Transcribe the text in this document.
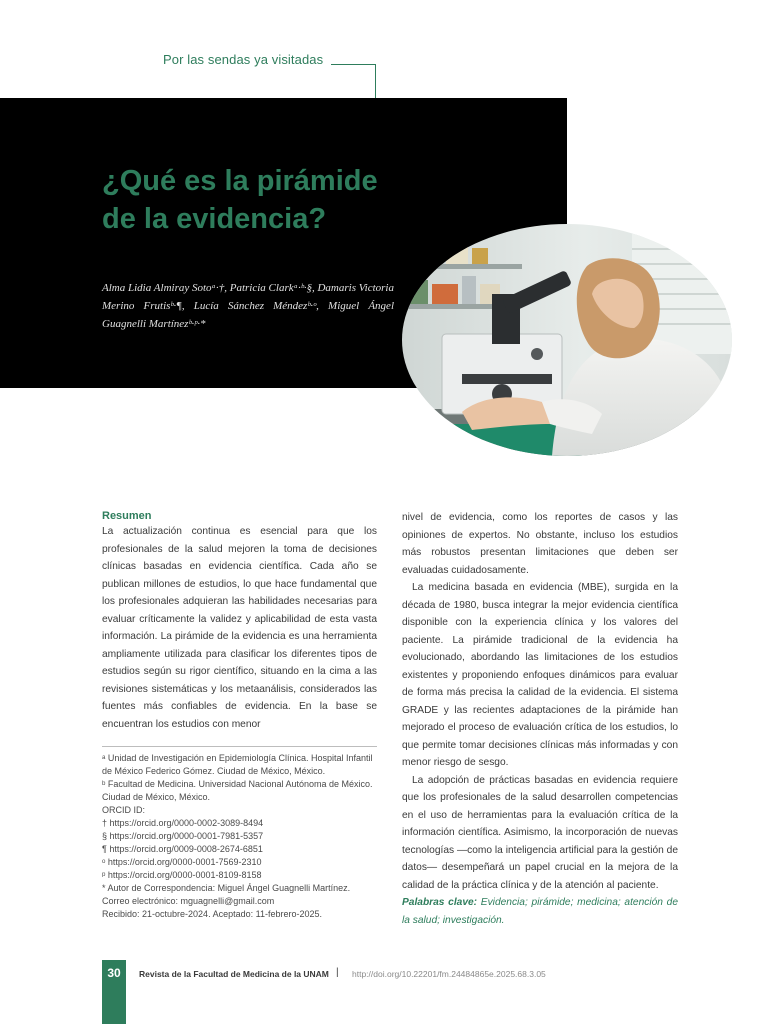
Por las sendas ya visitadas
¿Qué es la pirámide
de la evidencia?
Alma Lidia Almiray Sotoᵃ·†, Patricia Clarkᵃ·ᵇ·§, Damaris Victoria Merino Frutisᵇ·¶, Lucía Sánchez Méndezᵇ·ᵒ, Miguel Ángel Guagnelli Martínezᵇ·ᵖ·*

Resumen

La actualización continua es esencial para que los profesionales de la salud mejoren la toma de decisiones clínicas basadas en evidencia científica. Cada año se publican millones de estudios, lo que hace fundamental que los profesionales adquieran las habilidades necesarias para evaluar críticamente la validez y aplicabilidad de esta vasta información. La pirámide de la evidencia es una herramienta ampliamente utilizada para clasificar los diferentes tipos de estudios según su rigor científico, situando en la cima a las revisiones sistemáticas y los metaanálisis, considerados las fuentes más confiables de evidencia. En la base se encuentran los estudios con menor

ᵃ Unidad de Investigación en Epidemiología Clínica. Hospital Infantil de México Federico Gómez. Ciudad de México, México.

ᵇ Facultad de Medicina. Universidad Nacional Autónoma de México. Ciudad de México, México.

ORCID ID:

† https://orcid.org/0000-0002-3089-8494

§ https://orcid.org/0000-0001-7981-5357

¶ https://orcid.org/0009-0008-2674-6851

ᵒ https://orcid.org/0000-0001-7569-2310

ᵖ https://orcid.org/0000-0001-8109-8158

* Autor de Correspondencia: Miguel Ángel Guagnelli Martínez.

Correo electrónico: mguagnelli@gmail.com

Recibido: 21-octubre-2024. Aceptado: 11-febrero-2025.

nivel de evidencia, como los reportes de casos y las opiniones de expertos. No obstante, incluso los estudios más robustos presentan limitaciones que deben ser evaluadas cuidadosamente.

La medicina basada en evidencia (MBE), surgida en la década de 1980, busca integrar la mejor evidencia científica disponible con la experiencia clínica y los valores del paciente. La pirámide tradicional de la evidencia ha evolucionado, abordando las limitaciones de los estudios existentes y proponiendo enfoques dinámicos para evaluar de forma más precisa la calidad de la evidencia. El sistema GRADE y las recientes adaptaciones de la pirámide han mejorado el proceso de evaluación crítica de los estudios, lo que permite tomar decisiones clínicas más informadas y con menor riesgo de sesgo.

La adopción de prácticas basadas en evidencia requiere que los profesionales de la salud desarrollen competencias en el uso de herramientas para la evaluación crítica de la información científica. Asimismo, la incorporación de nuevas tecnologías —como la inteligencia artificial para la gestión de datos— desempeñará un papel crucial en la mejora de la calidad de la práctica clínica y de la atención al paciente.

Palabras clave: Evidencia; pirámide; medicina; atención de la salud; investigación.

30	Revista de la Facultad de Medicina de la UNAM | http://doi.org/10.22201/fm.24484865e.2025.68.3.05
